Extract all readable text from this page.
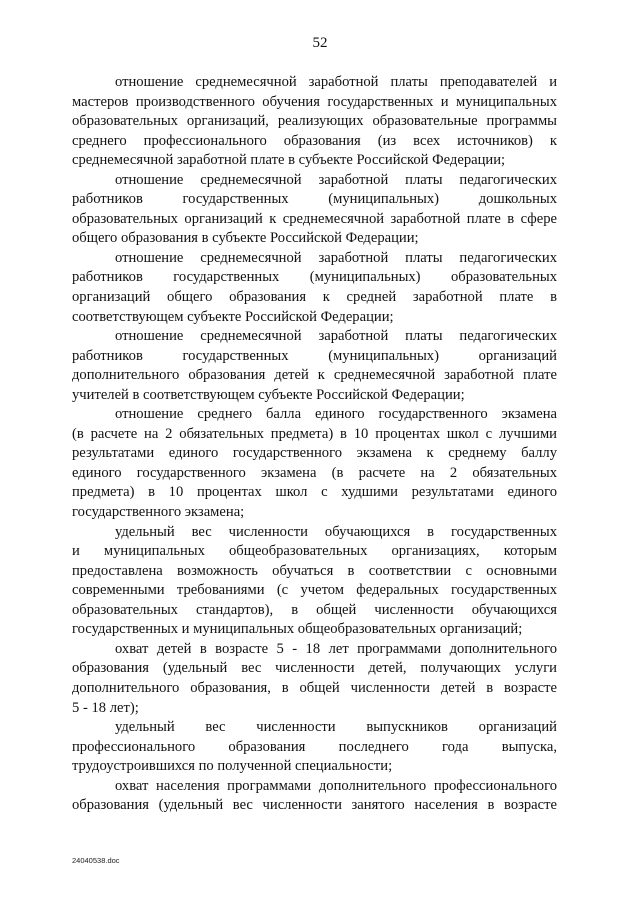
52

отношение среднемесячной заработной платы преподавателей и
мастеров производственного обучения государственных и муниципальных
образовательных организаций, реализующих образовательные программы
среднего профессионального образования (из всех источников) к
среднемесячной заработной плате в субъекте Российской Федерации;

отношение среднемесячной заработной платы педагогических
работников государственных (муниципальных) дошкольных
образовательных организаций к среднемесячной заработной плате в сфере
общего образования в субъекте Российской Федерации;

отношение среднемесячной заработной платы педагогических
работников государственных (муниципальных) образовательных
организаций общего образования к средней заработной плате в
соответствующем субъекте Российской Федерации;

отношение среднемесячной заработной платы педагогических
работников государственных (муниципальных) организаций
дополнительного образования детей к среднемесячной заработной плате
учителей в соответствующем субъекте Российской Федерации;

отношение среднего балла единого государственного экзамена
(в расчете на 2 обязательных предмета) в 10 процентах школ с лучшими
результатами единого государственного экзамена к среднему баллу
единого государственного экзамена (в расчете на 2 обязательных
предмета) в 10 процентах школ с худшими результатами единого
государственного экзамена;

удельный вес численности обучающихся в государственных
и муниципальных общеобразовательных организациях, которым
предоставлена возможность обучаться в соответствии с основными
современными требованиями (с учетом федеральных государственных
образовательных стандартов), в общей численности обучающихся
государственных и муниципальных общеобразовательных организаций;

охват детей в возрасте 5 - 18 лет программами дополнительного
образования (удельный вес численности детей, получающих услуги
дополнительного образования, в общей численности детей в возрасте
5 - 18 лет);

удельный вес численности выпускников организаций
профессионального образования последнего года выпуска,
трудоустроившихся по полученной специальности;

охват населения программами дополнительного профессионального
образования (удельный вес численности занятого населения в возрасте

24040538.doc
